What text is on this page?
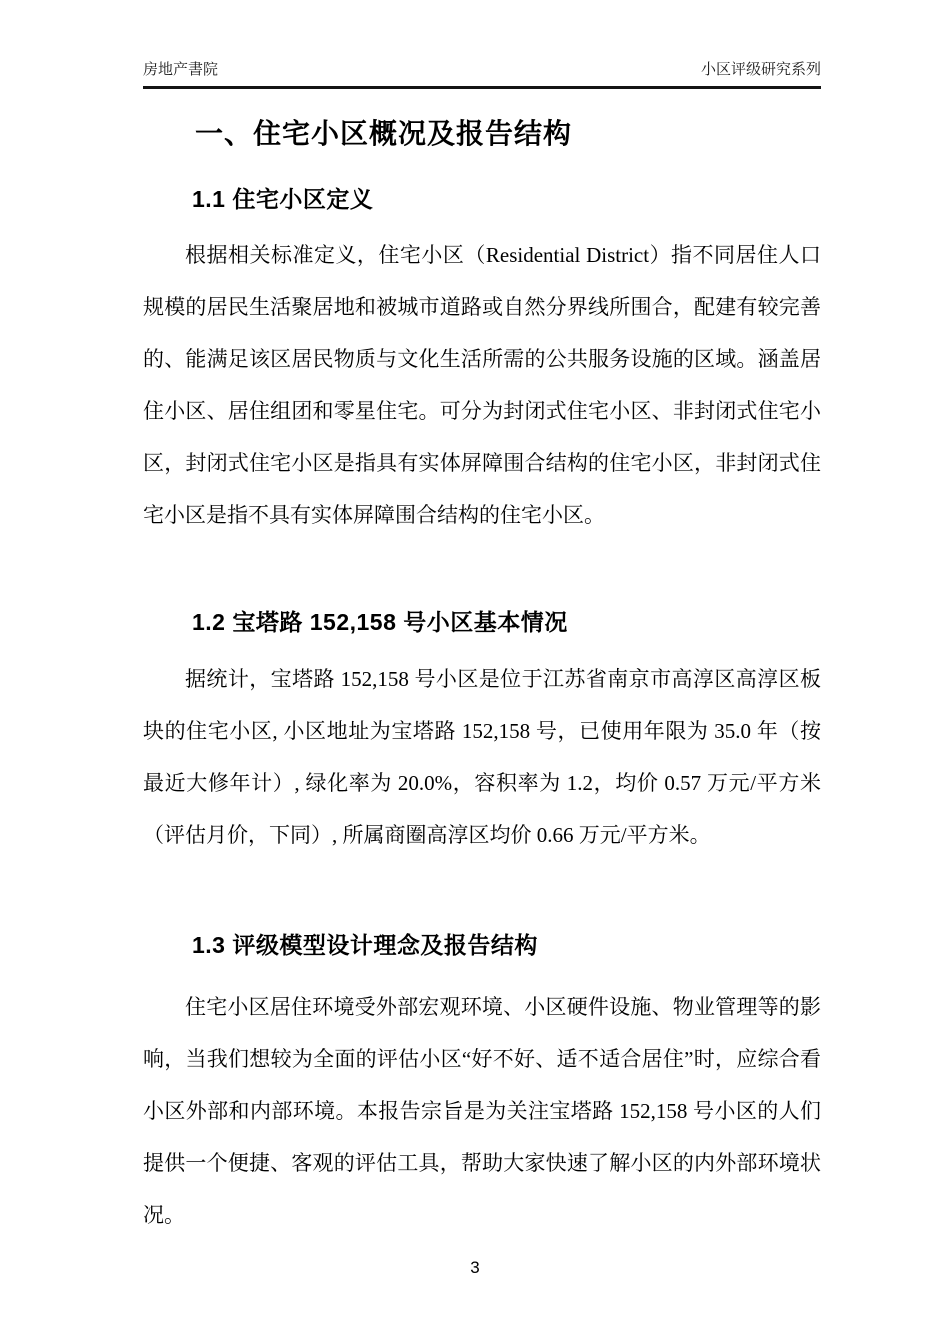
房地产書院	小区评级研究系列
一、住宅小区概况及报告结构
1.1 住宅小区定义

根据相关标准定义，住宅小区（Residential District）指不同居住人口规模的居民生活聚居地和被城市道路或自然分界线所围合，配建有较完善的、能满足该区居民物质与文化生活所需的公共服务设施的区域。涵盖居住小区、居住组团和零星住宅。可分为封闭式住宅小区、非封闭式住宅小区，封闭式住宅小区是指具有实体屏障围合结构的住宅小区，非封闭式住宅小区是指不具有实体屏障围合结构的住宅小区。

1.2 宝塔路 152,158 号小区基本情况

据统计，宝塔路 152,158 号小区是位于江苏省南京市高淳区高淳区板块的住宅小区, 小区地址为宝塔路 152,158 号，已使用年限为 35.0 年（按最近大修年计）, 绿化率为 20.0%，容积率为 1.2，均价 0.57 万元/平方米（评估月价，下同）, 所属商圈高淳区均价 0.66 万元/平方米。

1.3 评级模型设计理念及报告结构

住宅小区居住环境受外部宏观环境、小区硬件设施、物业管理等的影响，当我们想较为全面的评估小区“好不好、适不适合居住”时，应综合看小区外部和内部环境。本报告宗旨是为关注宝塔路 152,158 号小区的人们提供一个便捷、客观的评估工具，帮助大家快速了解小区的内外部环境状况。

3
